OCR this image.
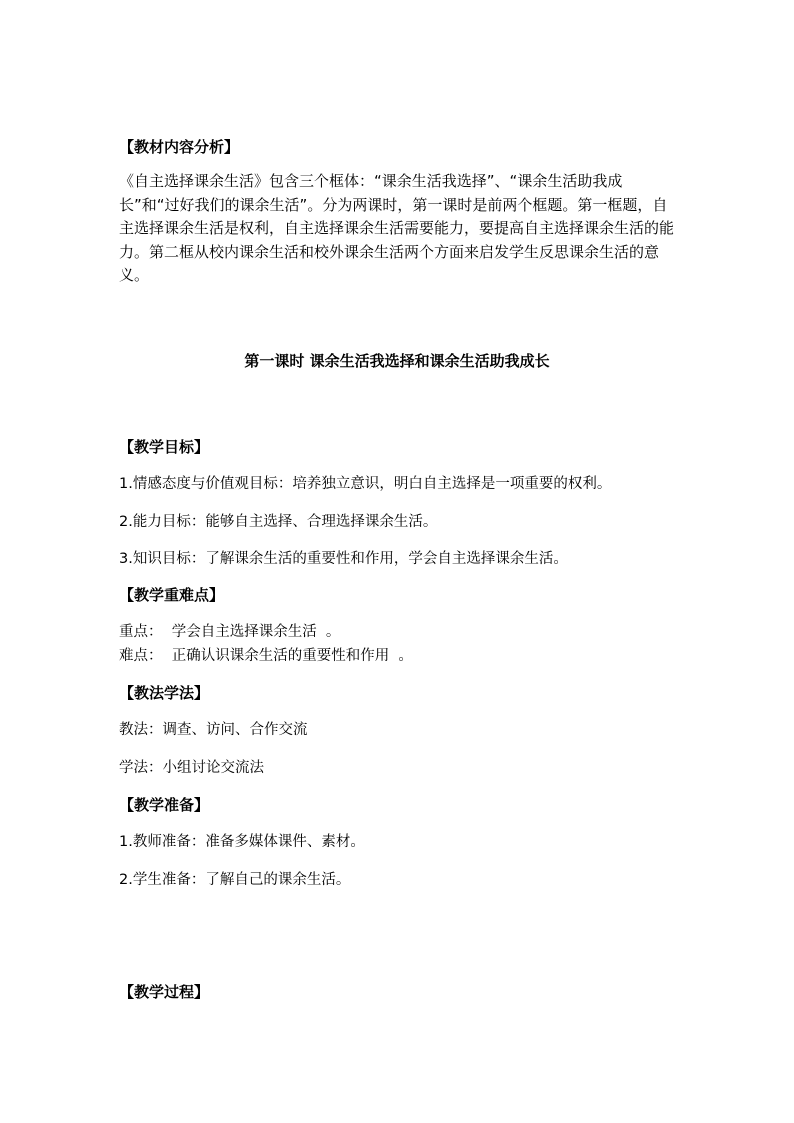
【教材内容分析】
《自主选择课余生活》包含三个框体：“课余生活我选择”、“课余生活助我成长”和“过好我们的课余生活”。分为两课时，第一课时是前两个框题。第一框题，自主选择课余生活是权利，自主选择课余生活需要能力，要提高自主选择课余生活的能力。第二框从校内课余生活和校外课余生活两个方面来启发学生反思课余生活的意义。
第一课时 课余生活我选择和课余生活助我成长
【教学目标】
1.情感态度与价值观目标：培养独立意识，明白自主选择是一项重要的权利。
2.能力目标：能够自主选择、合理选择课余生活。
3.知识目标：了解课余生活的重要性和作用，学会自主选择课余生活。
【教学重难点】
重点：  学会自主选择课余生活  。
难点：  正确认识课余生活的重要性和作用  。
【教法学法】
教法：调查、访问、合作交流
学法：小组讨论交流法
【教学准备】
1.教师准备：准备多媒体课件、素材。
2.学生准备：了解自己的课余生活。
【教学过程】
